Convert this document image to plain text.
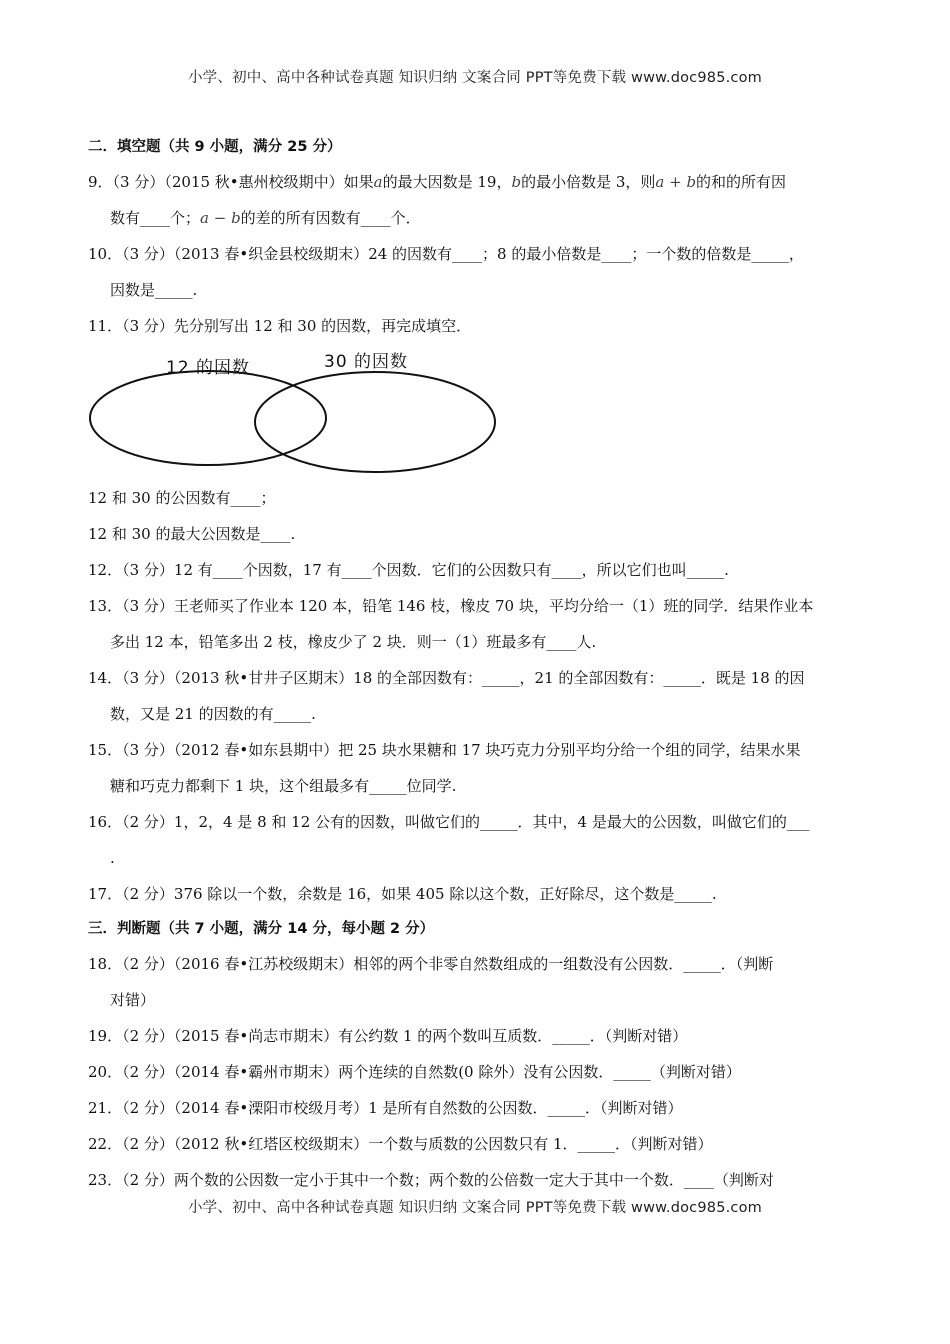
小学、初中、高中各种试卷真题 知识归纳 文案合同 PPT等免费下载 www.doc985.com
二．填空题（共 9 小题，满分 25 分）
9．（3 分）（2015 秋•惠州校级期中）如果a的最大因数是 19，b的最小倍数是 3，则a + b的和的所有因
数有____个；a − b的差的所有因数有____个．
10．（3 分）（2013 春•织金县校级期末）24 的因数有____；8 的最小倍数是____；一个数的倍数是_____，
因数是_____.
11．（3 分）先分别写出 12 和 30 的因数，再完成填空．
12 的因数	30 的因数
12 和 30 的公因数有____；
12 和 30 的最大公因数是____.
12．（3 分）12 有____个因数，17 有____个因数．它们的公因数只有____，所以它们也叫_____.
13．（3 分）王老师买了作业本 120 本，铅笔 146 枝，橡皮 70 块，平均分给一（1）班的同学．结果作业本
多出 12 本，铅笔多出 2 枝，橡皮少了 2 块．则一（1）班最多有____人.
14．（3 分）（2013 秋•甘井子区期末）18 的全部因数有：_____，21 的全部因数有：_____．既是 18 的因
数，又是 21 的因数的有_____.
15．（3 分）（2012 春•如东县期中）把 25 块水果糖和 17 块巧克力分别平均分给一个组的同学，结果水果
糖和巧克力都剩下 1 块，这个组最多有_____位同学.
16．（2 分）1，2，4 是 8 和 12 公有的因数，叫做它们的_____．其中，4 是最大的公因数，叫做它们的___
.
17．（2 分）376 除以一个数，余数是 16，如果 405 除以这个数，正好除尽，这个数是_____.
三．判断题（共 7 小题，满分 14 分，每小题 2 分）
18．（2 分）（2016 春•江苏校级期末）相邻的两个非零自然数组成的一组数没有公因数．_____．（判断
对错）
19．（2 分）（2015 春•尚志市期末）有公约数 1 的两个数叫互质数．_____．（判断对错）
20．（2 分）（2014 春•霸州市期末）两个连续的自然数(0 除外）没有公因数．_____（判断对错）
21．（2 分）（2014 春•溧阳市校级月考）1 是所有自然数的公因数．_____．（判断对错）
22．（2 分）（2012 秋•红塔区校级期末）一个数与质数的公因数只有 1．_____．（判断对错）
23．（2 分）两个数的公因数一定小于其中一个数；两个数的公倍数一定大于其中一个数．____（判断对
小学、初中、高中各种试卷真题 知识归纳 文案合同 PPT等免费下载 www.doc985.com
